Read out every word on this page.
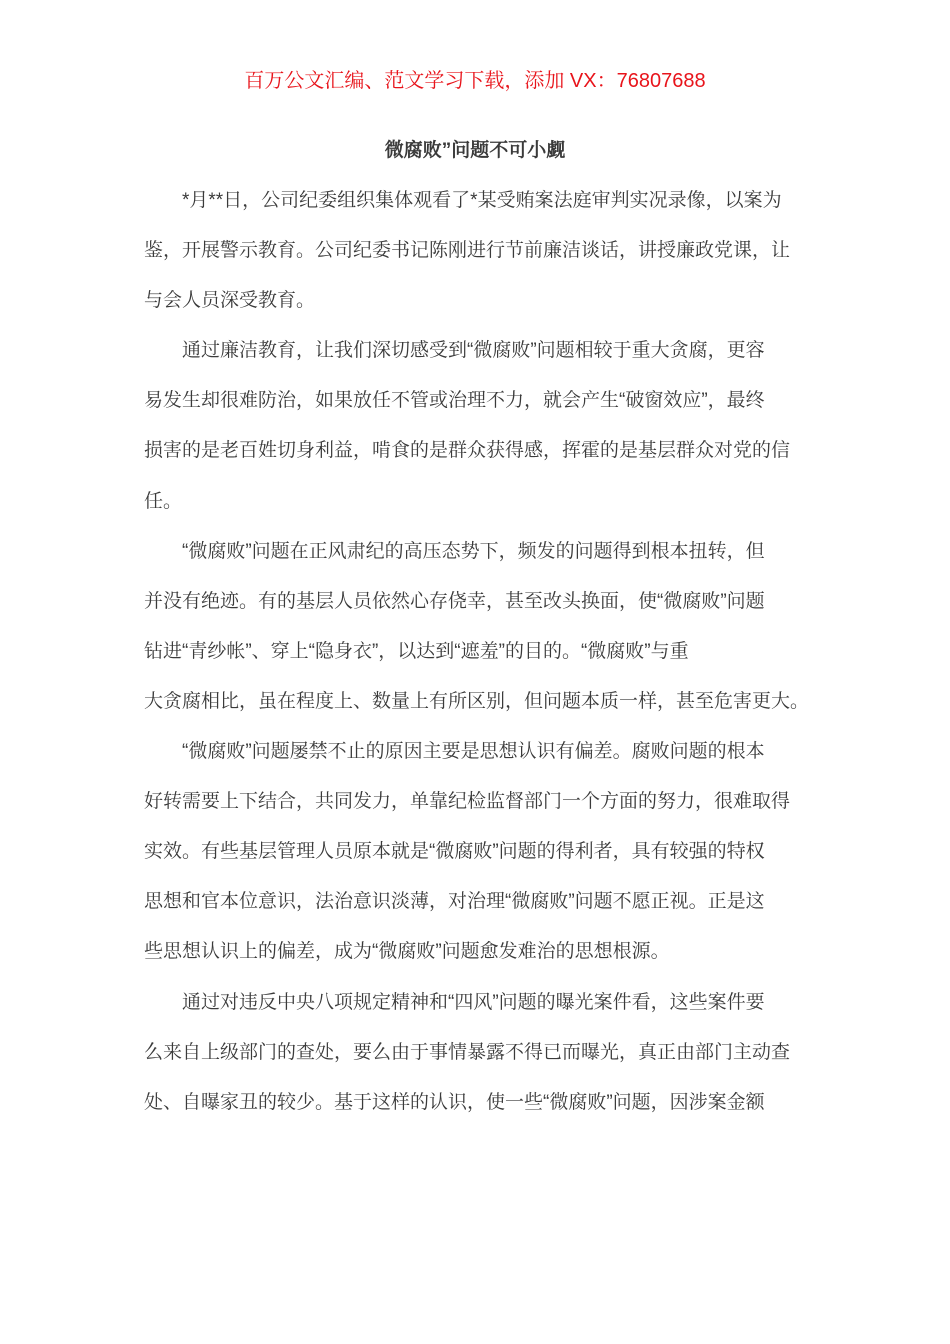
百万公文汇编、范文学习下载，添加 VX：76807688
微腐败”问题不可小觑
*月**日，公司纪委组织集体观看了*某受贿案法庭审判实况录像，以案为
鉴，开展警示教育。公司纪委书记陈刚进行节前廉洁谈话，讲授廉政党课，让
与会人员深受教育。
通过廉洁教育，让我们深切感受到“微腐败”问题相较于重大贪腐，更容
易发生却很难防治，如果放任不管或治理不力，就会产生“破窗效应”，最终
损害的是老百姓切身利益，啃食的是群众获得感，挥霍的是基层群众对党的信
任。
“微腐败”问题在正风肃纪的高压态势下，频发的问题得到根本扭转，但
并没有绝迹。有的基层人员依然心存侥幸，甚至改头换面，使“微腐败”问题
钻进“青纱帐”、穿上“隐身衣”，以达到“遮羞”的目的。“微腐败”与重
大贪腐相比，虽在程度上、数量上有所区别，但问题本质一样，甚至危害更大。
“微腐败”问题屡禁不止的原因主要是思想认识有偏差。腐败问题的根本
好转需要上下结合，共同发力，单靠纪检监督部门一个方面的努力，很难取得
实效。有些基层管理人员原本就是“微腐败”问题的得利者，具有较强的特权
思想和官本位意识，法治意识淡薄，对治理“微腐败”问题不愿正视。正是这
些思想认识上的偏差，成为“微腐败”问题愈发难治的思想根源。
通过对违反中央八项规定精神和“四风”问题的曝光案件看，这些案件要
么来自上级部门的查处，要么由于事情暴露不得已而曝光，真正由部门主动查
处、自曝家丑的较少。基于这样的认识，使一些“微腐败”问题，因涉案金额
